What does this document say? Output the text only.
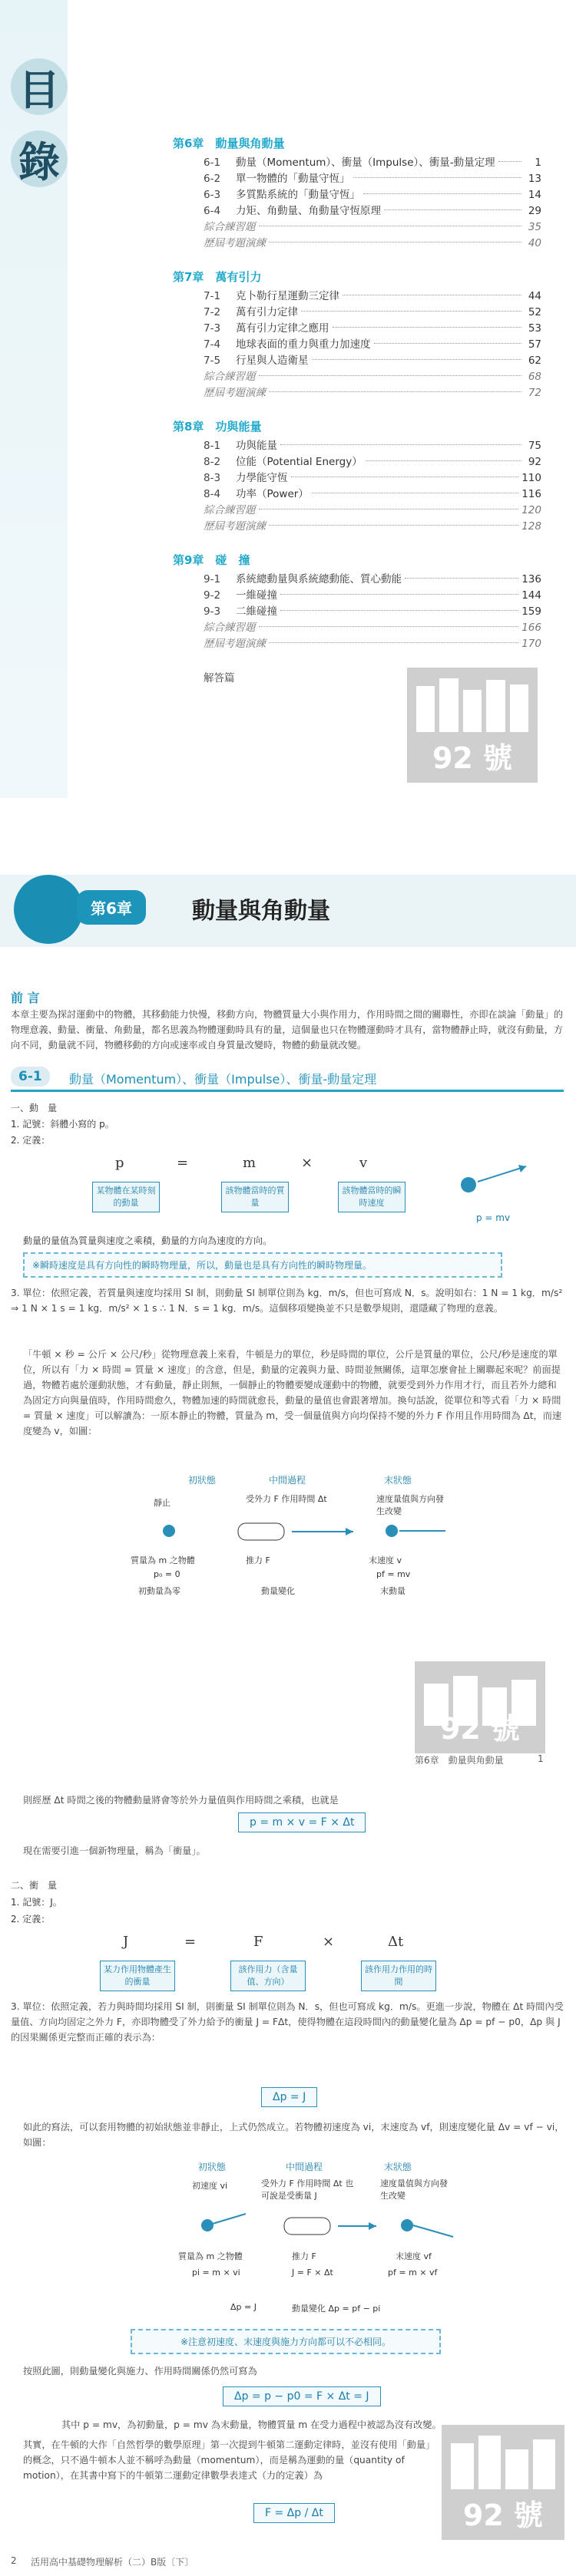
目
錄	第6章　動量與角動量
6-1	動量（Momentum）、衝量（Impulse）、衝量-動量定理	1
6-2	單一物體的「動量守恆」	13
6-3	多質點系統的「動量守恆」	14
6-4	力矩、角動量、角動量守恆原理	29
綜合練習題	35
歷屆考題演練	40
第7章　萬有引力
7-1	克卜勒行星運動三定律	44
7-2	萬有引力定律	52
7-3	萬有引力定律之應用	53
7-4	地球表面的重力與重力加速度	57
7-5	行星與人造衛星	62
綜合練習題	68
歷屆考題演練	72
第8章　功與能量
8-1	功與能量	75
8-2	位能（Potential Energy）	92
8-3	力學能守恆	110
8-4	功率（Power）	116
綜合練習題	120
歷屆考題演練	128
第9章　碰　撞
9-1	系統總動量與系統總動能、質心動能	136
9-2	一維碰撞	144
9-3	二維碰撞	159
綜合練習題	166
歷屆考題演練	170
解答篇
92 號
第6章	動量與角動量
前 言
本章主要為探討運動中的物體，其移動能力快慢，移動方向，物體質量大小與作用力，作用時間之間的關聯性，亦即在談論「動量」的物理意義、動量、衝量、角動量，都名思義為物體運動時具有的量，這個量也只在物體運動時才具有，當物體靜止時，就沒有動量，方向不同，動量就不同，物體移動的方向或速率或自身質量改變時，物體的動量就改變。
6-1	動量（Momentum）、衝量（Impulse）、衝量-動量定理
一、動　量
1. 記號：斜體小寫的 p。
2. 定義：
p	=	m	×	v
某物體在某時刻的動量
該物體當時的質量
該物體當時的瞬時速度
p = mv
動量的量值為質量與速度之乘積，動量的方向為速度的方向。
※瞬時速度是具有方向性的瞬時物理量，所以，動量也是具有方向性的瞬時物理量。
3. 單位：依照定義，若質量與速度均採用 SI 制，則動量 SI 制單位則為 kg．m/s，但也可寫成 N．s。說明如右：1 N = 1 kg．m/s² ⇒ 1 N × 1 s = 1 kg．m/s² × 1 s ∴ 1 N．s = 1 kg．m/s。這個移項變換並不只是數學規則，還隱藏了物理的意義。
「牛頓 × 秒 = 公斤 × 公尺/秒」從物理意義上來看，牛頓是力的單位，秒是時間的單位，公斤是質量的單位，公尺/秒是速度的單位，所以有「力 × 時間 = 質量 × 速度」的含意，但是，動量的定義與力量、時間並無關係，這單怎麼會扯上關聯起來呢？前面提過，物體若處於運動狀態，才有動量，靜止則無，一個靜止的物體要變成運動中的物體，就要受到外力作用才行，而且若外力總和為固定方向與量值時，作用時間愈久，物體加速的時間就愈長，動量的量值也會跟著增加。換句話說，從單位和等式看「力 × 時間 = 質量 × 速度」可以解讀為：一原本靜止的物體，質量為 m，受一個量值與方向均保持不變的外力 F 作用且作用時間為 Δt，而速度變為 v，如圖：
初狀態	中間過程	末狀態
靜止	受外力 F 作用時間 Δt	速度量值與方向發生改變
質量為 m 之物體	推力 F	末速度 v
p₀ = 0	pf = mv
初動量為零	動量變化	末動量
92 號
第6章　動量與角動量	1
則經歷 Δt 時間之後的物體動量將會等於外力量值與作用時間之乘積，也就是
p = m × v = F × Δt
現在需要引進一個新物理量，稱為「衝量」。
二、衝　量
1. 記號：J。
2. 定義：
J	=	F	×	Δt
某力作用物體產生的衝量
該作用力（含量值、方向）
該作用力作用的時間
3. 單位：依照定義，若力與時間均採用 SI 制，則衝量 SI 制單位則為 N．s，但也可寫成 kg．m/s。更進一步說，物體在 Δt 時間內受量值、方向均固定之外力 F，亦即物體受了外力給予的衝量 J = FΔt，使得物體在這段時間內的動量變化量為 Δp = pf − p0，Δp 與 J 的因果關係更完整而正確的表示為：
Δp = J
如此的寫法，可以套用物體的初始狀態並非靜止，上式仍然成立。若物體初速度為 vi，末速度為 vf，則速度變化量 Δv = vf − vi，如圖：
初狀態	中間過程	末狀態
初速度 vi	受外力 F 作用時間 Δt 也可說是受衝量 J
速度量值與方向發生改變
質量為 m 之物體	推力 F	末速度 vf
pi = m × vi	J = F × Δt	pf = m × vf
Δp = J	動量變化 Δp = pf − pi
※注意初速度、末速度與施力方向都可以不必相同。
按照此圖，則動量變化與施力、作用時間關係仍然可寫為
Δp = p − p0 = F × Δt = J
其中 p = mv，為初動量，p = mv 為末動量，物體質量 m 在受力過程中被認為沒有改變。
其實，在牛頓的大作「自然哲學的數學原理」第一次提到牛頓第二運動定律時，並沒有使用「動量」的概念，只不過牛頓本人並不稱呼為動量（momentum），而是稱為運動的量（quantity of motion），在其書中寫下的牛頓第二運動定律數學表達式（力的定義）為
F = Δp / Δt	92 號
2 活用高中基礎物理解析（二）B版〔下〕
